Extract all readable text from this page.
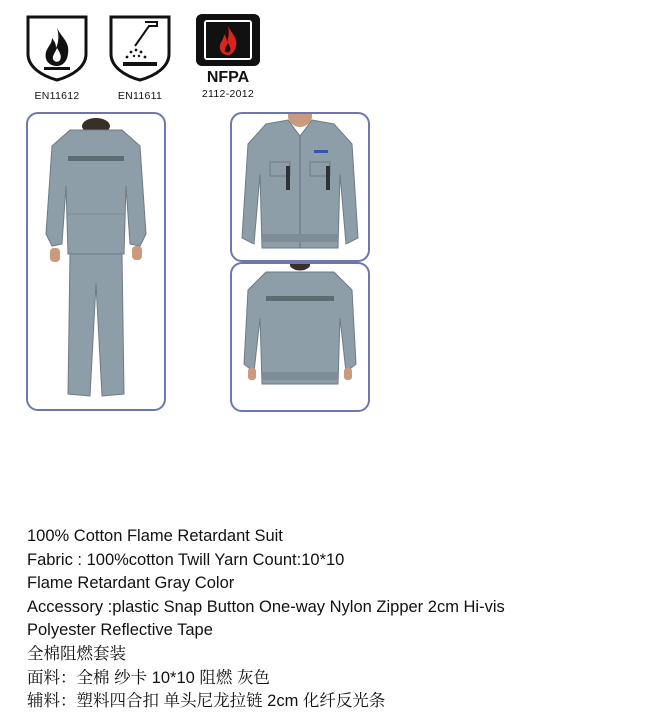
EN11612	EN11611
NFPA
2112-2012
100% Cotton Flame Retardant Suit
Fabric : 100%cotton Twill Yarn Count:10*10
Flame Retardant Gray Color
Accessory :plastic Snap Button One-way Nylon Zipper 2cm Hi-vis
Polyester Reflective Tape
全棉阻燃套装
面料：全棉 纱卡 10*10 阻燃 灰色
辅料：塑料四合扣 单头尼龙拉链 2cm 化纤反光条
